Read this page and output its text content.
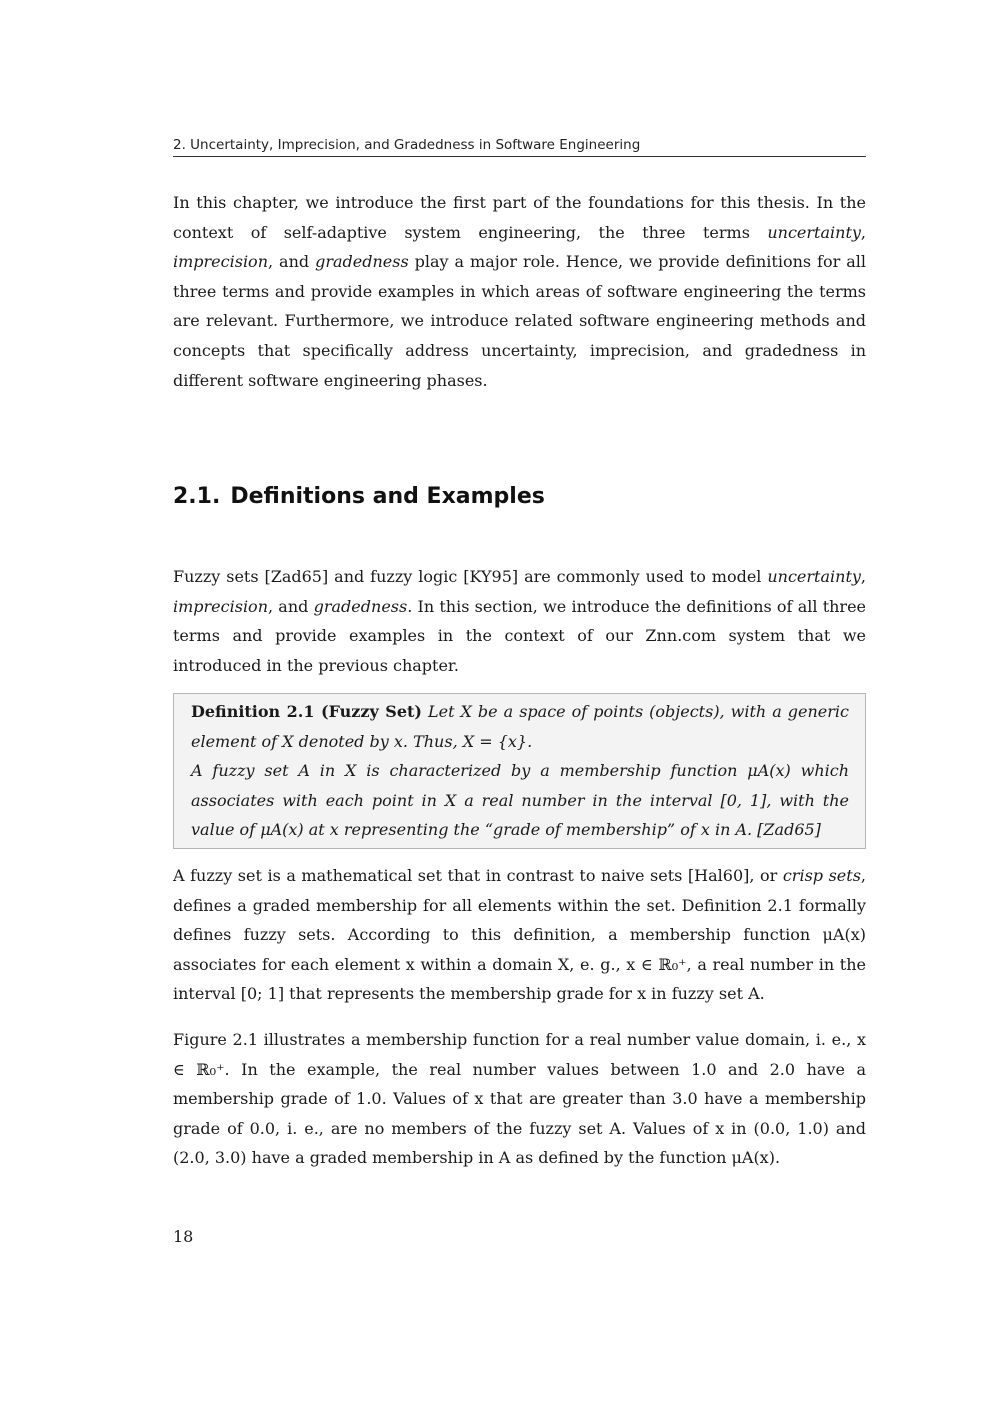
2. Uncertainty, Imprecision, and Gradedness in Software Engineering

In this chapter, we introduce the first part of the foundations for this thesis. In the context of self-adaptive system engineering, the three terms uncertainty, imprecision, and gradedness play a major role. Hence, we provide definitions for all three terms and provide examples in which areas of software engineering the terms are relevant. Furthermore, we introduce related software engineering methods and concepts that specifically address uncertainty, imprecision, and gradedness in different software engineering phases.

2.1. Definitions and Examples

Fuzzy sets [Zad65] and fuzzy logic [KY95] are commonly used to model uncertainty, imprecision, and gradedness. In this section, we introduce the definitions of all three terms and provide examples in the context of our Znn.com system that we introduced in the previous chapter.

Definition 2.1 (Fuzzy Set) Let X be a space of points (objects), with a generic element of X denoted by x. Thus, X = {x}.

A fuzzy set A in X is characterized by a membership function μA(x) which associates with each point in X a real number in the interval [0, 1], with the value of μA(x) at x representing the “grade of membership” of x in A. [Zad65]

A fuzzy set is a mathematical set that in contrast to naive sets [Hal60], or crisp sets, defines a graded membership for all elements within the set. Definition 2.1 formally defines fuzzy sets. According to this definition, a membership function μA(x) associates for each element x within a domain X, e. g., x ∈ ℝ₀⁺, a real number in the interval [0; 1] that represents the membership grade for x in fuzzy set A.

Figure 2.1 illustrates a membership function for a real number value domain, i. e., x ∈ ℝ₀⁺. In the example, the real number values between 1.0 and 2.0 have a membership grade of 1.0. Values of x that are greater than 3.0 have a membership grade of 0.0, i. e., are no members of the fuzzy set A. Values of x in (0.0, 1.0) and (2.0, 3.0) have a graded membership in A as defined by the function μA(x).

18
